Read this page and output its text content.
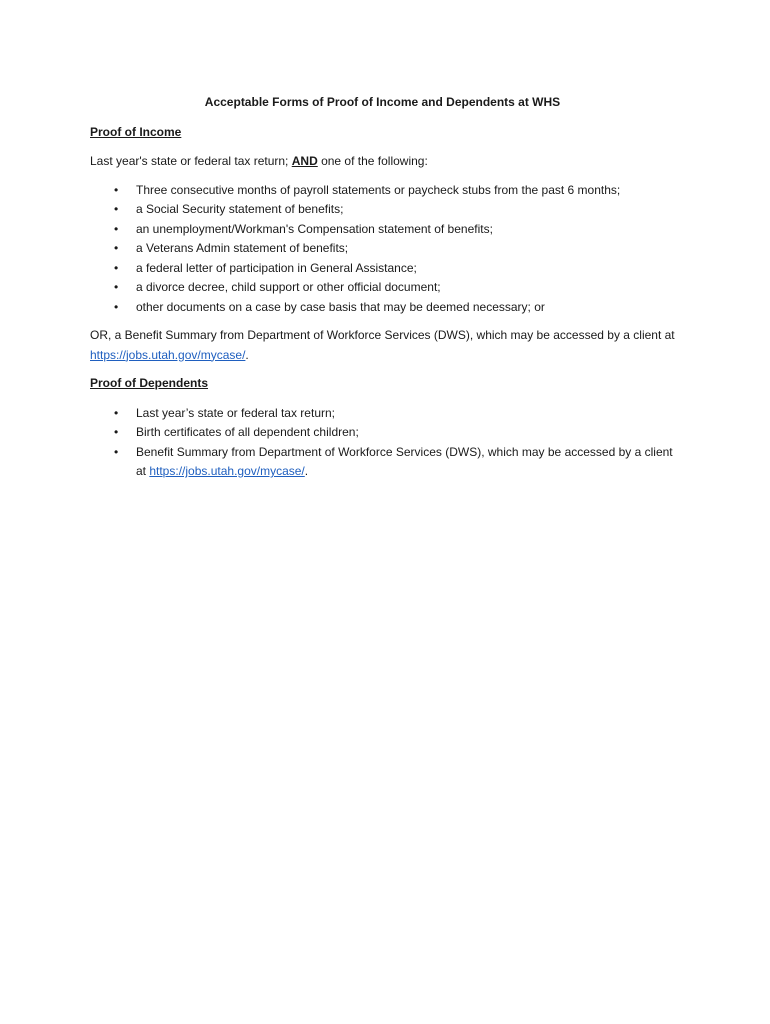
Acceptable Forms of Proof of Income and Dependents at WHS
Proof of Income
Last year's state or federal tax return; AND one of the following:
• Three consecutive months of payroll statements or paycheck stubs from the past 6 months;
• a Social Security statement of benefits;
• an unemployment/Workman's Compensation statement of benefits;
• a Veterans Admin statement of benefits;
• a federal letter of participation in General Assistance;
• a divorce decree, child support or other official document;
• other documents on a case by case basis that may be deemed necessary; or
OR, a Benefit Summary from Department of Workforce Services (DWS), which may be accessed by a client at https://jobs.utah.gov/mycase/.
Proof of Dependents
• Last year’s state or federal tax return;
• Birth certificates of all dependent children;
• Benefit Summary from Department of Workforce Services (DWS), which may be accessed by a client at https://jobs.utah.gov/mycase/.
